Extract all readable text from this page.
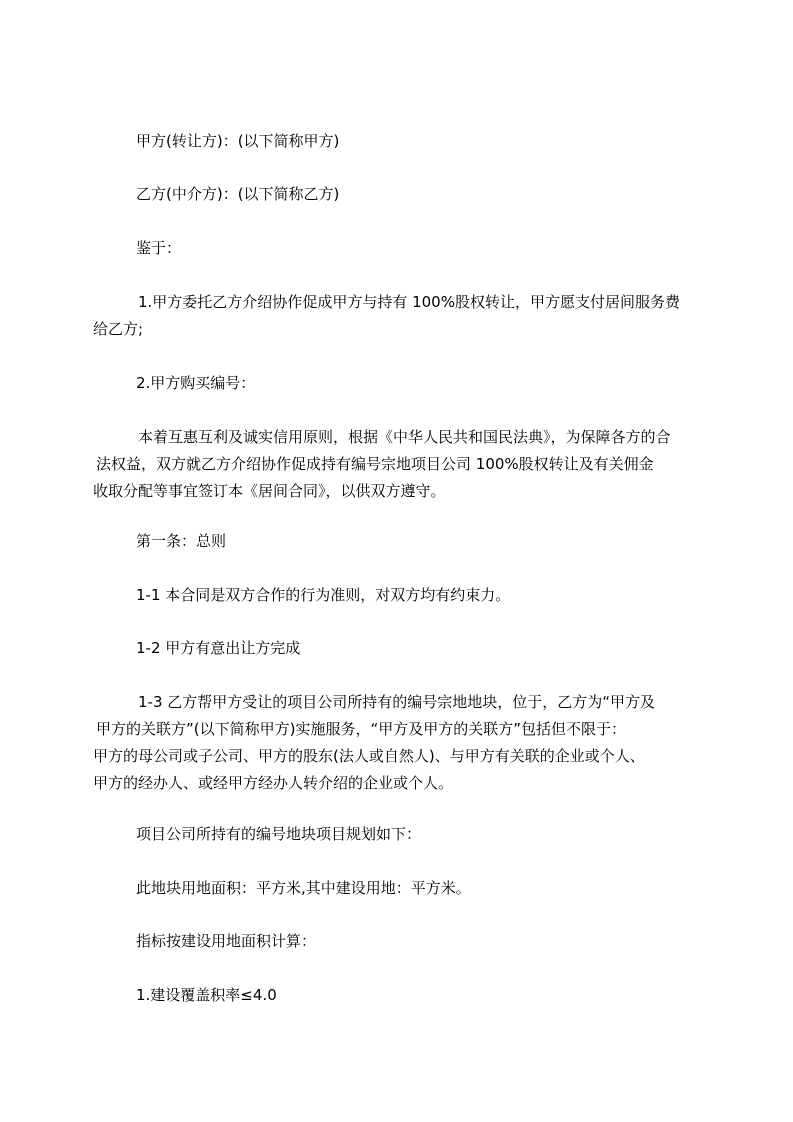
甲方(转让方)：(以下简称甲方)
乙方(中介方)：(以下简称乙方)
鉴于：
1.甲方委托乙方介绍协作促成甲方与持有 100%股权转让，甲方愿支付居间服务费
给乙方;
2.甲方购买编号：
本着互惠互利及诚实信用原则，根据《中华人民共和国民法典》，为保障各方的合
法权益，双方就乙方介绍协作促成持有编号宗地项目公司 100%股权转让及有关佣金
收取分配等事宜签订本《居间合同》，以供双方遵守。
第一条：总则
1-1 本合同是双方合作的行为准则，对双方均有约束力。
1-2 甲方有意出让方完成
1-3 乙方帮甲方受让的项目公司所持有的编号宗地地块，位于，乙方为“甲方及
甲方的关联方”(以下简称甲方)实施服务，“甲方及甲方的关联方”包括但不限于：
甲方的母公司或子公司、甲方的股东(法人或自然人)、与甲方有关联的企业或个人、
甲方的经办人、或经甲方经办人转介绍的企业或个人。
项目公司所持有的编号地块项目规划如下：
此地块用地面积：平方米,其中建设用地：平方米。
指标按建设用地面积计算：
1.建设覆盖积率≤4.0
